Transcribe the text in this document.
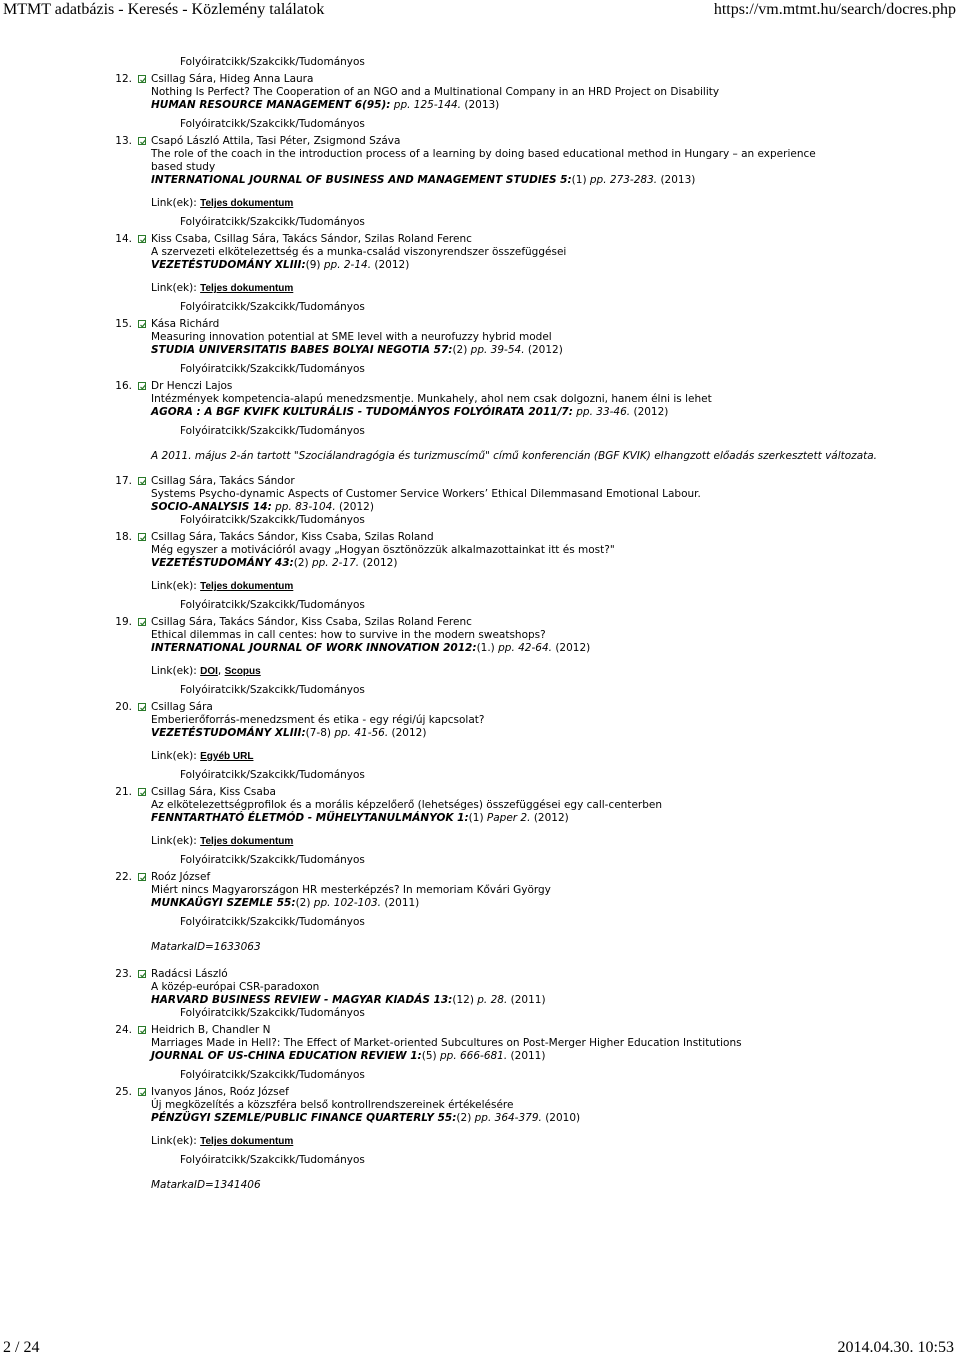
MTMT adatbázis - Keresés - Közlemény találatok	https://vm.mtmt.hu/search/docres.php
Folyóiratcikk/Szakcikk/Tudományos
12. Csillag Sára, Hideg Anna Laura
Nothing Is Perfect? The Cooperation of an NGO and a Multinational Company in an HRD Project on Disability
HUMAN RESOURCE MANAGEMENT 6(95): pp. 125-144. (2013)
Folyóiratcikk/Szakcikk/Tudományos
13. Csapó László Attila, Tasi Péter, Zsigmond Száva
The role of the coach in the introduction process of a learning by doing based educational method in Hungary – an experience based study
INTERNATIONAL JOURNAL OF BUSINESS AND MANAGEMENT STUDIES 5:(1) pp. 273-283. (2013)
Link(ek): Teljes dokumentum
Folyóiratcikk/Szakcikk/Tudományos
14. Kiss Csaba, Csillag Sára, Takács Sándor, Szilas Roland Ferenc
A szervezeti elkötelezettség és a munka-család viszonyrendszer összefüggései
VEZETÉSTUDOMÁNY XLIII:(9) pp. 2-14. (2012)
Link(ek): Teljes dokumentum
Folyóiratcikk/Szakcikk/Tudományos
15. Kása Richárd
Measuring innovation potential at SME level with a neurofuzzy hybrid model
STUDIA UNIVERSITATIS BABES BOLYAI NEGOTIA 57:(2) pp. 39-54. (2012)
Folyóiratcikk/Szakcikk/Tudományos
16. Dr Henczi Lajos
Intézmények kompetencia-alapú menedzsmentje. Munkahely, ahol nem csak dolgozni, hanem élni is lehet
AGORA : A BGF KVIFK KULTURÁLIS - TUDOMÁNYOS FOLYÓIRATA 2011/7: pp. 33-46. (2012)
Folyóiratcikk/Szakcikk/Tudományos
A 2011. május 2-án tartott "Szociálandragógia és turizmuscímű" című konferencián (BGF KVIK) elhangzott előadás szerkesztett változata.
17. Csillag Sára, Takács Sándor
Systems Psycho-dynamic Aspects of Customer Service Workers’ Ethical Dilemmasand Emotional Labour.
SOCIO-ANALYSIS 14: pp. 83-104. (2012)
Folyóiratcikk/Szakcikk/Tudományos
18. Csillag Sára, Takács Sándor, Kiss Csaba, Szilas Roland
Még egyszer a motivációról avagy „Hogyan ösztönözzük alkalmazottainkat itt és most?"
VEZETÉSTUDOMÁNY 43:(2) pp. 2-17. (2012)
Link(ek): Teljes dokumentum
Folyóiratcikk/Szakcikk/Tudományos
19. Csillag Sára, Takács Sándor, Kiss Csaba, Szilas Roland Ferenc
Ethical dilemmas in call centes: how to survive in the modern sweatshops?
INTERNATIONAL JOURNAL OF WORK INNOVATION 2012:(1.) pp. 42-64. (2012)
Link(ek): DOI, Scopus
Folyóiratcikk/Szakcikk/Tudományos
20. Csillag Sára
Emberierőforrás-menedzsment és etika - egy régi/új kapcsolat?
VEZETÉSTUDOMÁNY XLIII:(7-8) pp. 41-56. (2012)
Link(ek): Egyéb URL
Folyóiratcikk/Szakcikk/Tudományos
21. Csillag Sára, Kiss Csaba
Az elkötelezettségprofilok és a morális képzelőerő (lehetséges) összefüggései egy call-centerben
FENNTARTHATÓ ÉLETMÓD - MŰHELYTANULMÁNYOK 1:(1) Paper 2. (2012)
Link(ek): Teljes dokumentum
Folyóiratcikk/Szakcikk/Tudományos
22. Roóz József
Miért nincs Magyarországon HR mesterképzés? In memoriam Kővári György
MUNKAÜGYI SZEMLE 55:(2) pp. 102-103. (2011)
Folyóiratcikk/Szakcikk/Tudományos
MatarkaID=1633063
23. Radácsi László
A közép-európai CSR-paradoxon
HARVARD BUSINESS REVIEW - MAGYAR KIADÁS 13:(12) p. 28. (2011)
Folyóiratcikk/Szakcikk/Tudományos
24. Heidrich B, Chandler N
Marriages Made in Hell?: The Effect of Market-oriented Subcultures on Post-Merger Higher Education Institutions
JOURNAL OF US-CHINA EDUCATION REVIEW 1:(5) pp. 666-681. (2011)
Folyóiratcikk/Szakcikk/Tudományos
25. Ivanyos János, Roóz József
Új megközelítés a közszféra belső kontrollrendszereinek értékelésére
PÉNZÜGYI SZEMLE/PUBLIC FINANCE QUARTERLY 55:(2) pp. 364-379. (2010)
Link(ek): Teljes dokumentum
Folyóiratcikk/Szakcikk/Tudományos
MatarkaID=1341406
2 / 24	2014.04.30. 10:53
